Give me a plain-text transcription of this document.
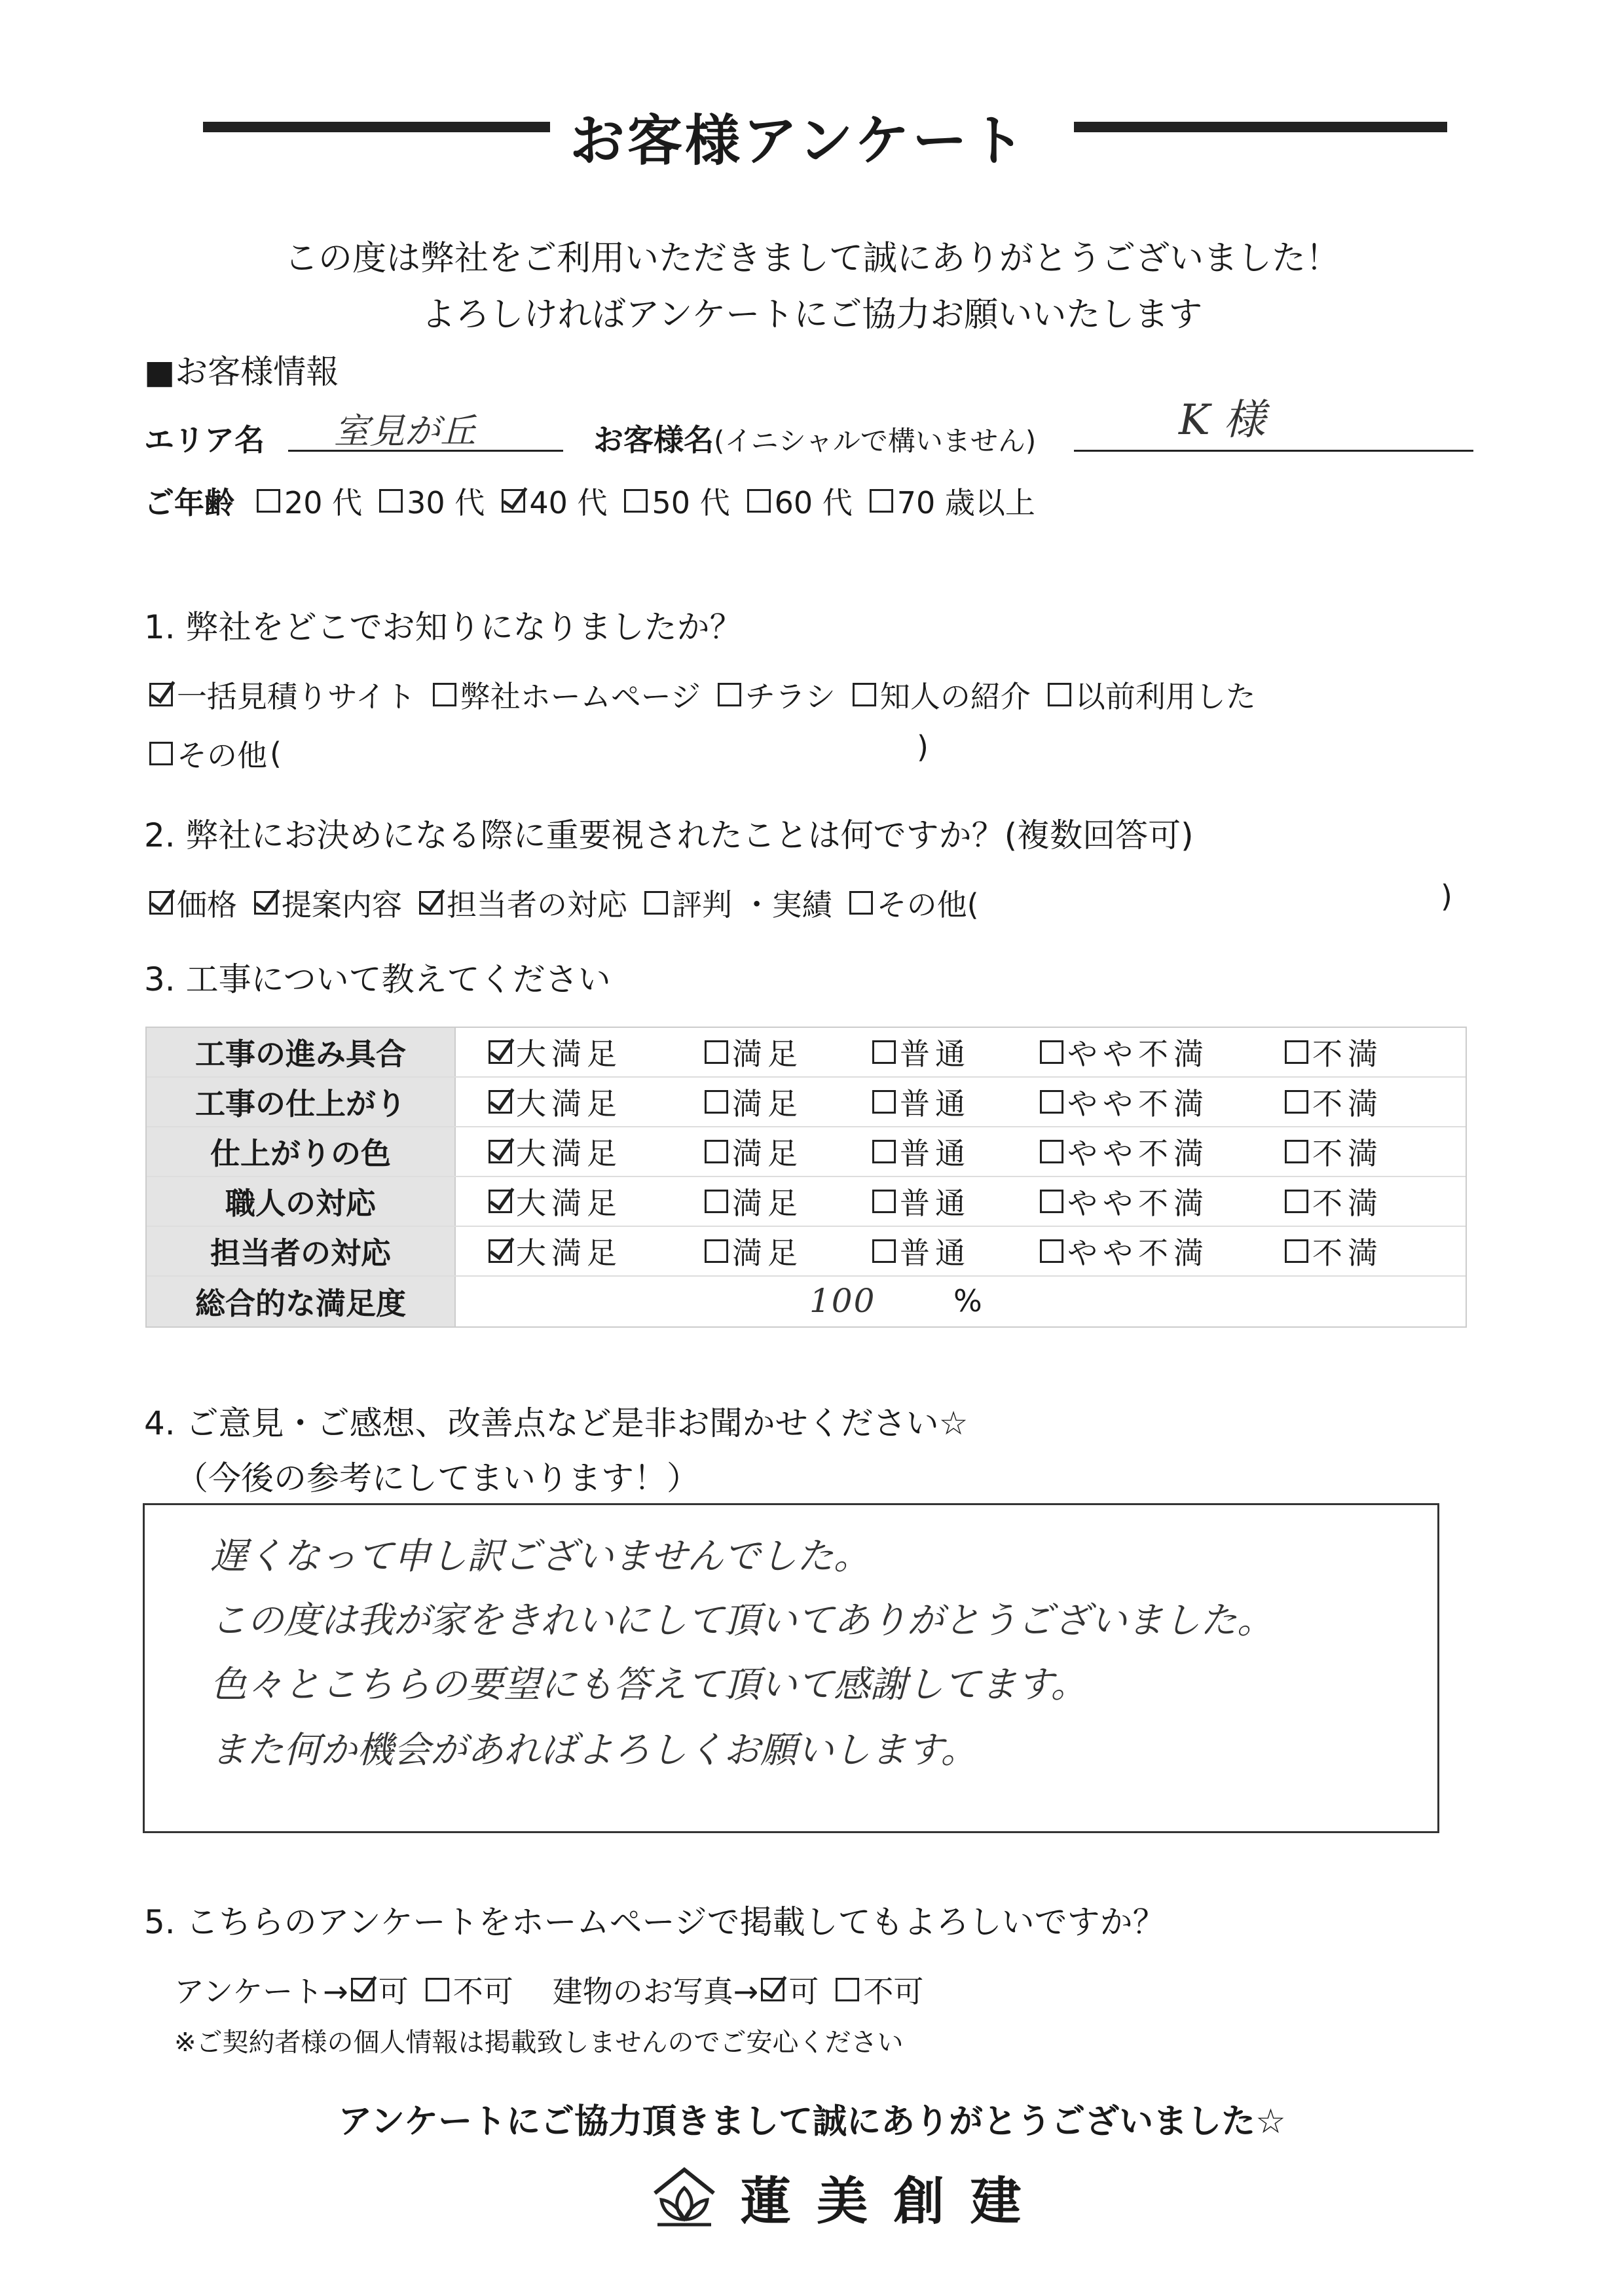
お客様アンケート
この度は弊社をご利用いただきまして誠にありがとうございました！
よろしければアンケートにご協力お願いいたします
■お客様情報
エリア名 室見が丘	お客様名(イニシャルで構いません)	K 様
ご年齢 20 代 30 代 40 代 50 代 60 代 70 歳以上
1. 弊社をどこでお知りになりましたか？
一括見積りサイト 弊社ホームページ チラシ 知人の紹介 以前利用した
その他 (	)
2. 弊社にお決めになる際に重要視されたことは何ですか？(複数回答可)
価格 提案内容 担当者の対応 評判 ・実績 その他(	)
3. 工事について教えてください
工事の進み具合	大満足	満足	普通	やや不満	不満
工事の仕上がり	大満足	満足	普通	やや不満	不満
仕上がりの色	大満足	満足	普通	やや不満	不満
職人の対応	大満足	満足	普通	やや不満	不満
担当者の対応	大満足	満足	普通	やや不満	不満
総合的な満足度	100	%
4. ご意見・ご感想、改善点など是非お聞かせください☆
（今後の参考にしてまいります！）
遅くなって申し訳ございませんでした。
この度は我が家をきれいにして頂いてありがとうございました。
色々とこちらの要望にも答えて頂いて感謝してます。
また何か機会があればよろしくお願いします。
5. こちらのアンケートをホームページで掲載してもよろしいですか？
アンケート→ 可 不可 建物のお写真→ 可 不可
※ご契約者様の個人情報は掲載致しませんのでご安心ください
アンケートにご協力頂きまして誠にありがとうございました☆
蓮 美 創 建
